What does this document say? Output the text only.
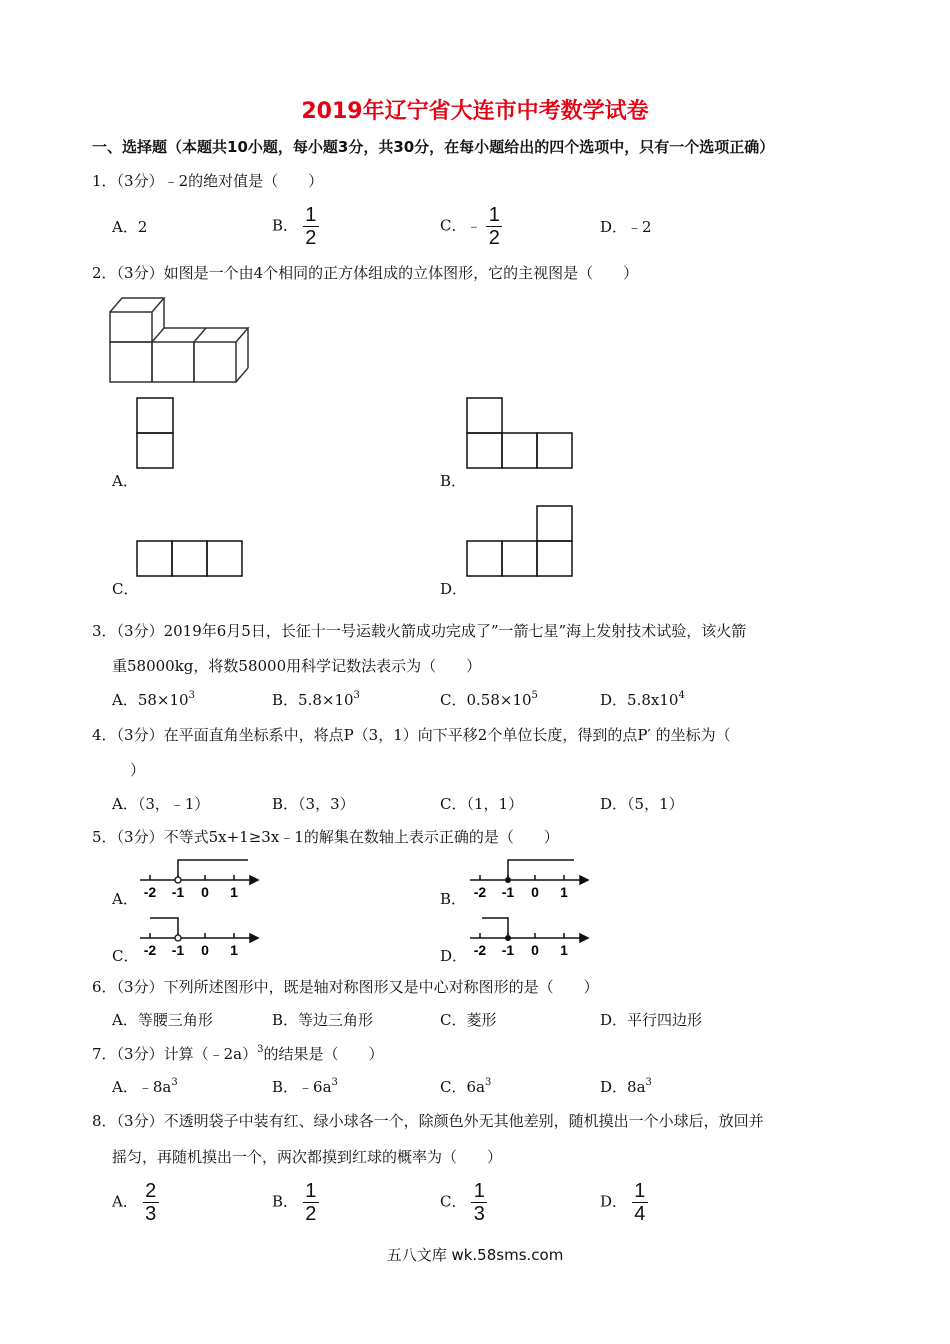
2019年辽宁省大连市中考数学试卷
一、选择题（本题共10小题，每小题3分，共30分，在每小题给出的四个选项中，只有一个选项正确）
1．（3分）﹣2的绝对值是（　　）
A．2	B． $\frac{1}{2}$	C．﹣ $\frac{1}{2}$	D．﹣2
2．（3分）如图是一个由4个相同的正方体组成的立体图形，它的主视图是（　　）
A．	B．
C．	D．
3．（3分）2019年6月5日，长征十一号运载火箭成功完成了”一箭七星”海上发射技术试验，该火箭
重58000kg，将数58000用科学记数法表示为（　　）
A．$58\times 10^3$	B．$5.8\times 10^3$	C．$0.58\times 10^5$	D．$5.8x10^4$
4．（3分）在平面直角坐标系中，将点P（3，1）向下平移2个单位长度，得到的点P′ 的坐标为（
）
A．（3，﹣1）	B．（3，3）	C．（1，1）	D．（5，1）
5．（3分）不等式5x+1≥3x﹣1的解集在数轴上表示正确的是（　　）
A． -2 -1 0 1	B． -2 -1 0 1
C． -2 -1 0 1	D． -2 -1 0 1
6．（3分）下列所述图形中，既是轴对称图形又是中心对称图形的是（　　）
A．等腰三角形	B．等边三角形	C．菱形	D．平行四边形
7．（3分）计算（﹣2a）$^3$的结果是（　　）
A．$﹣8a^3$	B．$﹣6a^3$	C．$6a^3$	D．$8a^3$
8．（3分）不透明袋子中装有红、绿小球各一个，除颜色外无其他差别，随机摸出一个小球后，放回并
摇匀，再随机摸出一个，两次都摸到红球的概率为（　　）
A． $\frac{2}{3}$	B． $\frac{1}{2}$	C． $\frac{1}{3}$	D． $\frac{1}{4}$
五八文库 wk.58sms.com
